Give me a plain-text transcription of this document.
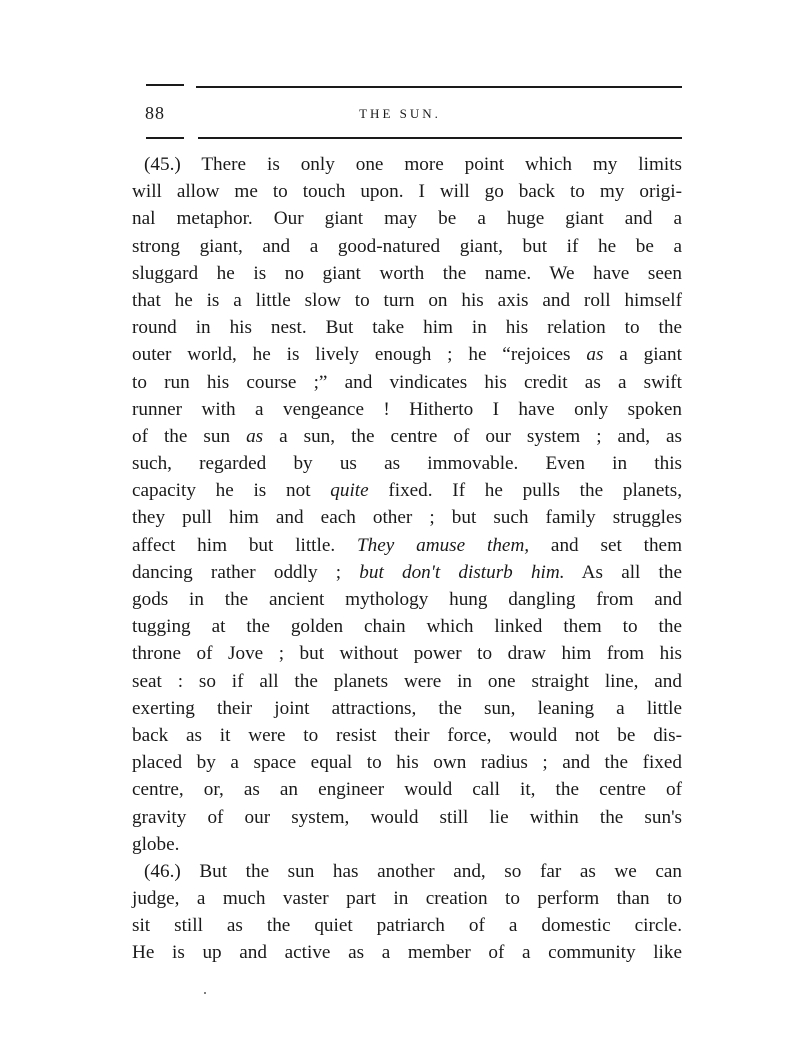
88	THE SUN.
(45.) There is only one more point which my limits
will allow me to touch upon. I will go back to my origi-
nal metaphor. Our giant may be a huge giant and a
strong giant, and a good-natured giant, but if he be a
sluggard he is no giant worth the name. We have seen
that he is a little slow to turn on his axis and roll himself
round in his nest. But take him in his relation to the
outer world, he is lively enough ; he “rejoices as a giant
to run his course ;” and vindicates his credit as a swift
runner with a vengeance ! Hitherto I have only spoken
of the sun as a sun, the centre of our system ; and, as
such, regarded by us as immovable. Even in this
capacity he is not quite fixed. If he pulls the planets,
they pull him and each other ; but such family struggles
affect him but little. They amuse them, and set them
dancing rather oddly ; but don't disturb him. As all the
gods in the ancient mythology hung dangling from and
tugging at the golden chain which linked them to the
throne of Jove ; but without power to draw him from his
seat : so if all the planets were in one straight line, and
exerting their joint attractions, the sun, leaning a little
back as it were to resist their force, would not be dis-
placed by a space equal to his own radius ; and the fixed
centre, or, as an engineer would call it, the centre of
gravity of our system, would still lie within the sun's
globe.
(46.) But the sun has another and, so far as we can
judge, a much vaster part in creation to perform than to
sit still as the quiet patriarch of a domestic circle.
He is up and active as a member of a community like
